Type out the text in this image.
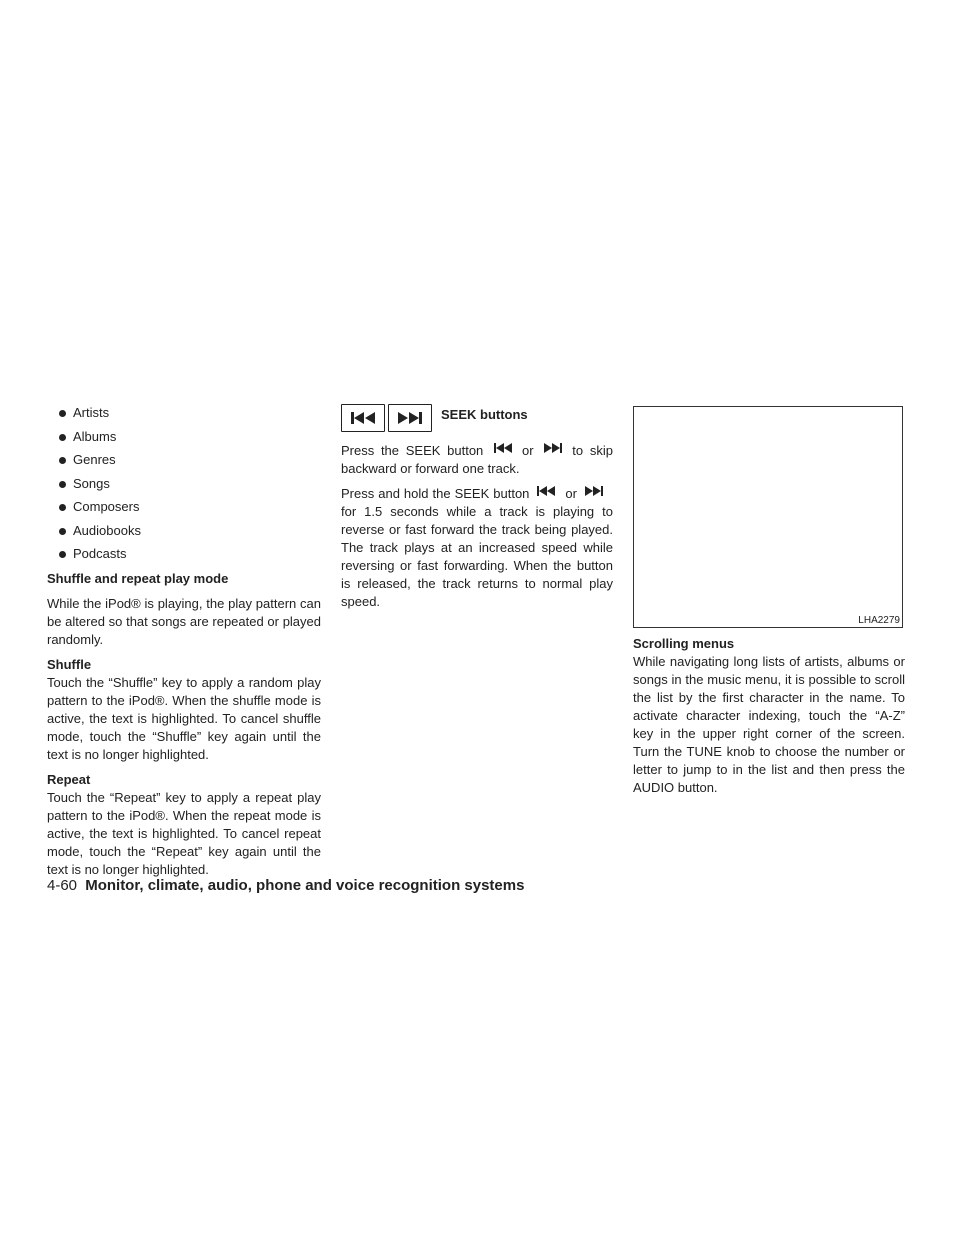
Artists
Albums
Genres
Songs
Composers
Audiobooks
Podcasts
Shuffle and repeat play mode

While the iPod® is playing, the play pattern can be altered so that songs are repeated or played randomly.

Shuffle

Touch the “Shuffle” key to apply a random play pattern to the iPod®. When the shuffle mode is active, the text is highlighted. To cancel shuffle mode, touch the “Shuffle” key again until the text is no longer highlighted.

Repeat

Touch the “Repeat” key to apply a repeat play pattern to the iPod®. When the repeat mode is active, the text is highlighted. To cancel repeat mode, touch the “Repeat” key again until the text is no longer highlighted.

SEEK buttons

Press the SEEK button	or	to skip backward or forward one track.

Press and hold the SEEK button	or  for 1.5 seconds while a track is playing to reverse or fast forward the track being played. The track plays at an increased speed while reversing or fast forwarding. When the button is released, the track returns to normal play speed.

LHA2279
Scrolling menus

While navigating long lists of artists, albums or songs in the music menu, it is possible to scroll the list by the first character in the name. To activate character indexing, touch the “A-Z” key in the upper right corner of the screen. Turn the TUNE knob to choose the number or letter to jump to in the list and then press the AUDIO button.

4-60 Monitor, climate, audio, phone and voice recognition systems
